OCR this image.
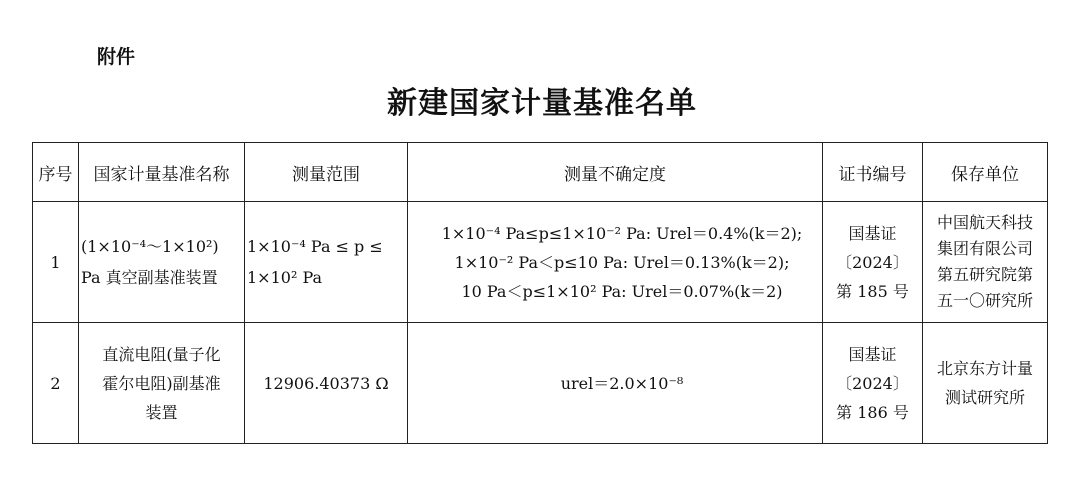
附件
新建国家计量基准名单
序号	国家计量基准名称	测量范围	测量不确定度	证书编号	保存单位
1	(1×10⁻⁴～1×10²)
Pa 真空副基准装置	1×10⁻⁴ Pa ≤ p ≤
1×10² Pa	1×10⁻⁴ Pa≤p≤1×10⁻² Pa: Urel＝0.4%(k＝2);
1×10⁻² Pa＜p≤10 Pa: Urel＝0.13%(k＝2);
10 Pa＜p≤1×10² Pa: Urel＝0.07%(k＝2)	国基证
〔2024〕
第 185 号	中国航天科技
集团有限公司
第五研究院第
五一〇研究所

2	直流电阻(量子化
霍尔电阻)副基准
装置	12906.40373 Ω	urel＝2.0×10⁻⁸	国基证
〔2024〕
第 186 号	北京东方计量
测试研究所
